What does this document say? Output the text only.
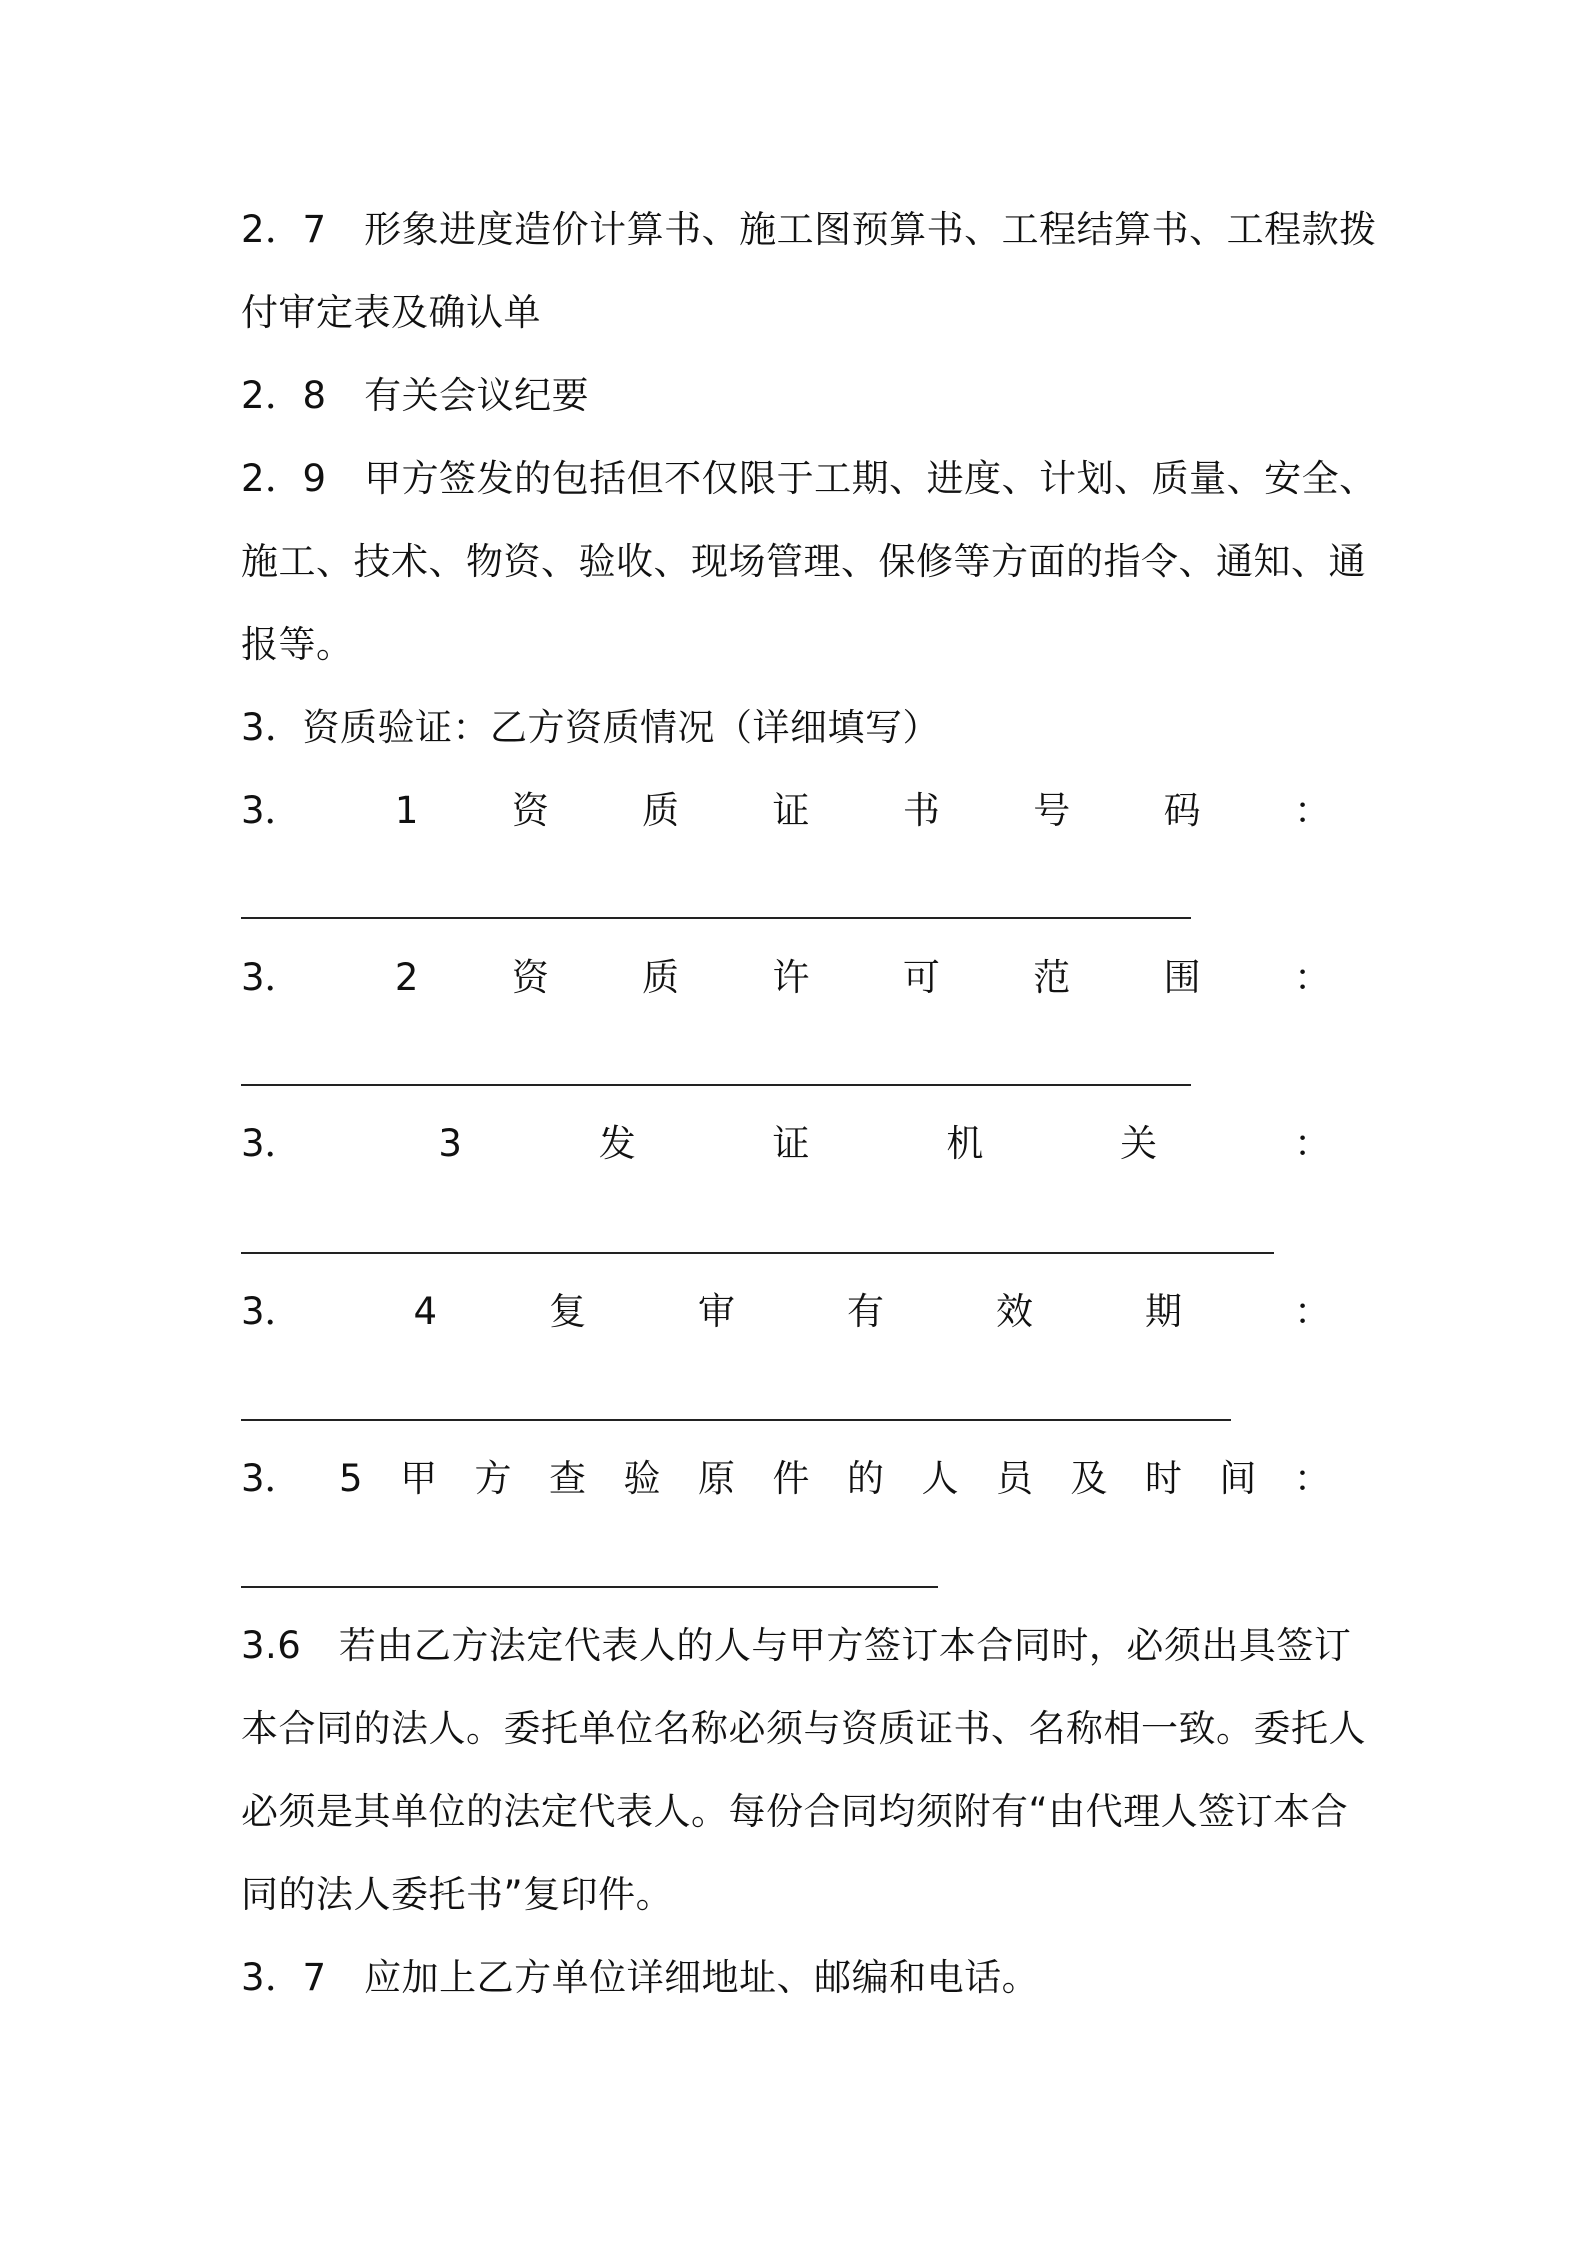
2．7　形象进度造价计算书、施工图预算书、工程结算书、工程款拨
付审定表及确认单
2．8　有关会议纪要
2．9　甲方签发的包括但不仅限于工期、进度、计划、质量、安全、
施工、技术、物资、验收、现场管理、保修等方面的指令、通知、通
报等。
3．资质验证：乙方资质情况（详细填写）
3．	1	资	质	证	书	号	码	：
3．	2	资	质	许	可	范	围	：
3．	3	发	证	机	关	：
3．	4	复	审	有	效	期	：
3． 5 甲 方 查 验 原 件 的 人 员 及 时 间 ：
3.6　若由乙方法定代表人的人与甲方签订本合同时，必须出具签订
本合同的法人。委托单位名称必须与资质证书、名称相一致。委托人
必须是其单位的法定代表人。每份合同均须附有“由代理人签订本合
同的法人委托书”复印件。
3．7　应加上乙方单位详细地址、邮编和电话。
